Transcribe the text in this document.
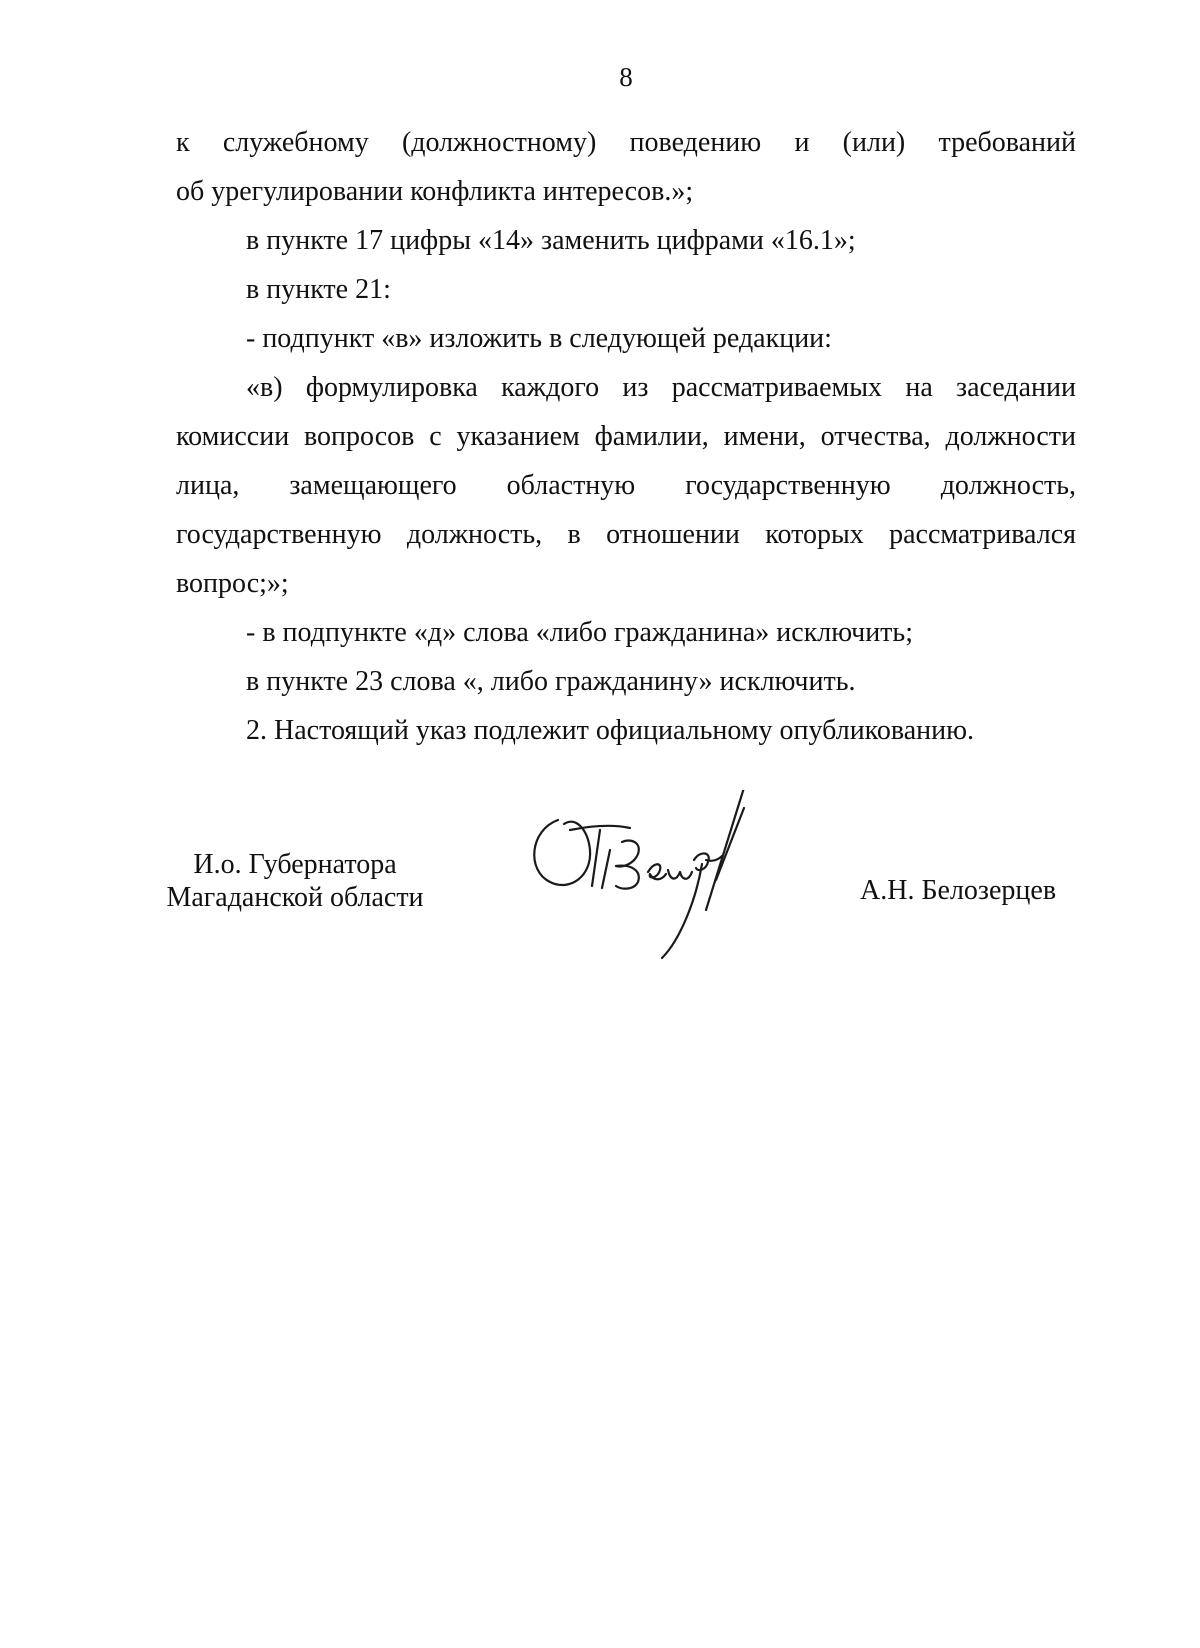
8

к служебному (должностному) поведению и (или) требований

об урегулировании конфликта интересов.»;

в пункте 17 цифры «14» заменить цифрами «16.1»;

в пункте 21:

- подпункт «в» изложить в следующей редакции:

«в) формулировка каждого из рассматриваемых на заседании комиссии вопросов с указанием фамилии, имени, отчества, должности лица, замещающего областную государственную должность, государственную должность, в отношении которых рассматривался

вопрос;»;

- в подпункте «д» слова «либо гражданина» исключить;

в пункте 23 слова «, либо гражданину» исключить.

2. Настоящий указ подлежит официальному опубликованию.

И.о. Губернатора
Магаданской области	А.Н. Белозерцев
